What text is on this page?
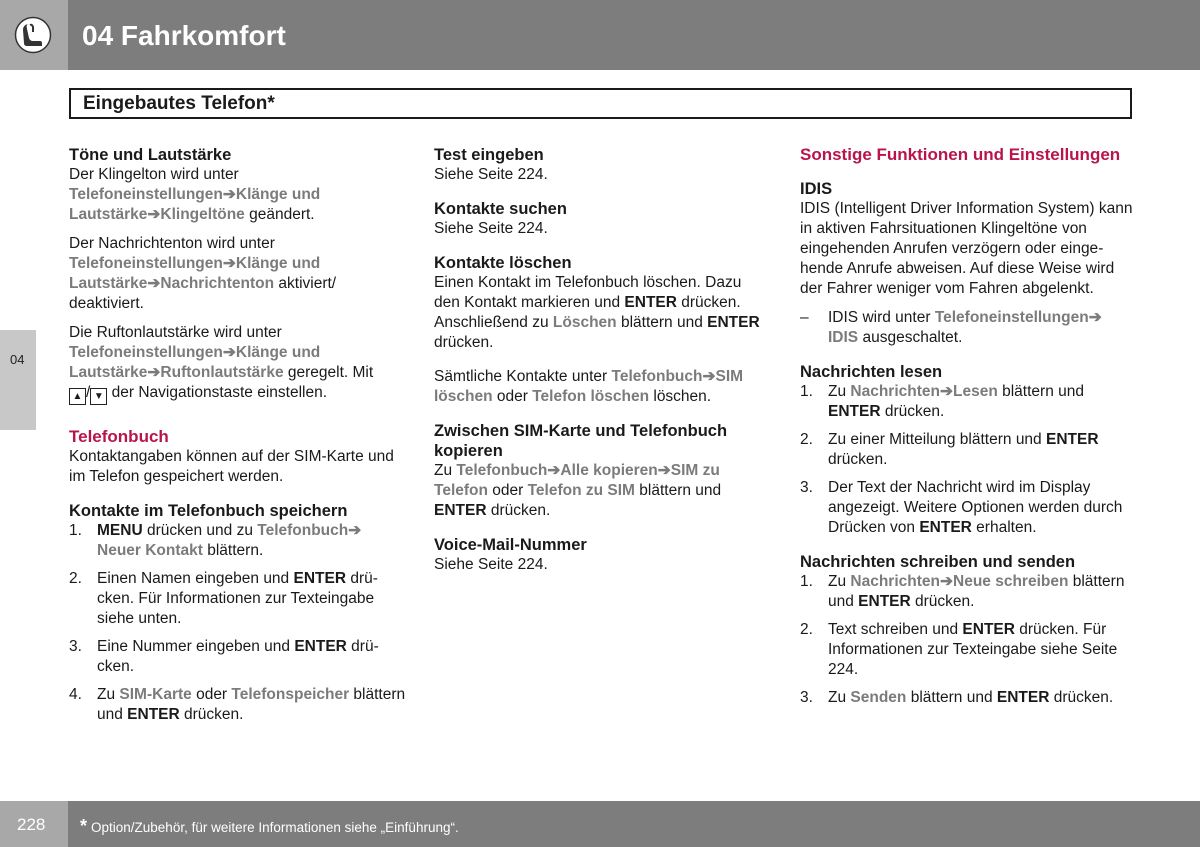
04 Fahrkomfort
Eingebautes Telefon*
04
Töne und Lautstärke

Der Klingelton wird unter
Telefoneinstellungen➔Klänge und
Lautstärke➔Klingeltöne geändert.

Der Nachrichtenton wird unter
Telefoneinstellungen➔Klänge und
Lautstärke➔Nachrichtenton aktiviert/ deaktiviert.

Die Ruftonlautstärke wird unter
Telefoneinstellungen➔Klänge und
Lautstärke➔Ruftonlautstärke geregelt. Mit
▲ / ▼ der Navigationstaste einstellen.

Telefonbuch

Kontaktangaben können auf der SIM-Karte und im Telefon gespeichert werden.

Kontakte im Telefonbuch speichern
1. MENU drücken und zu Telefonbuch➔
Neuer Kontakt blättern.
2. Einen Namen eingeben und ENTER drücken. Für Informationen zur Texteingabe siehe unten.
3. Eine Nummer eingeben und ENTER drücken.
4. Zu SIM-Karte oder Telefonspeicher blättern und ENTER drücken.
Test eingeben

Siehe Seite 224.

Kontakte suchen

Siehe Seite 224.

Kontakte löschen

Einen Kontakt im Telefonbuch löschen. Dazu den Kontakt markieren und ENTER drücken. Anschließend zu Löschen blättern und ENTER drücken.

Sämtliche Kontakte unter Telefonbuch➔SIM löschen oder Telefon löschen löschen.

Zwischen SIM-Karte und Telefonbuch kopieren

Zu Telefonbuch➔Alle kopieren➔SIM zu Telefon oder Telefon zu SIM blättern und ENTER drücken.

Voice-Mail-Nummer

Siehe Seite 224.

Sonstige Funktionen und Einstellungen
IDIS

IDIS (Intelligent Driver Information System) kann in aktiven Fahrsituationen Klingeltöne von eingehenden Anrufen verzögern oder eingehende Anrufe abweisen. Auf diese Weise wird der Fahrer weniger vom Fahren abgelenkt.

– IDIS wird unter Telefoneinstellungen➔
IDIS ausgeschaltet.
Nachrichten lesen
1. Zu Nachrichten➔Lesen blättern und ENTER drücken.
2. Zu einer Mitteilung blättern und ENTER drücken.
3. Der Text der Nachricht wird im Display angezeigt. Weitere Optionen werden durch Drücken von ENTER erhalten.
Nachrichten schreiben und senden
1. Zu Nachrichten➔Neue schreiben blättern und ENTER drücken.
2. Text schreiben und ENTER drücken. Für Informationen zur Texteingabe siehe Seite 224.
3. Zu Senden blättern und ENTER drücken.
228 * Option/Zubehör, für weitere Informationen siehe „Einführung“.
